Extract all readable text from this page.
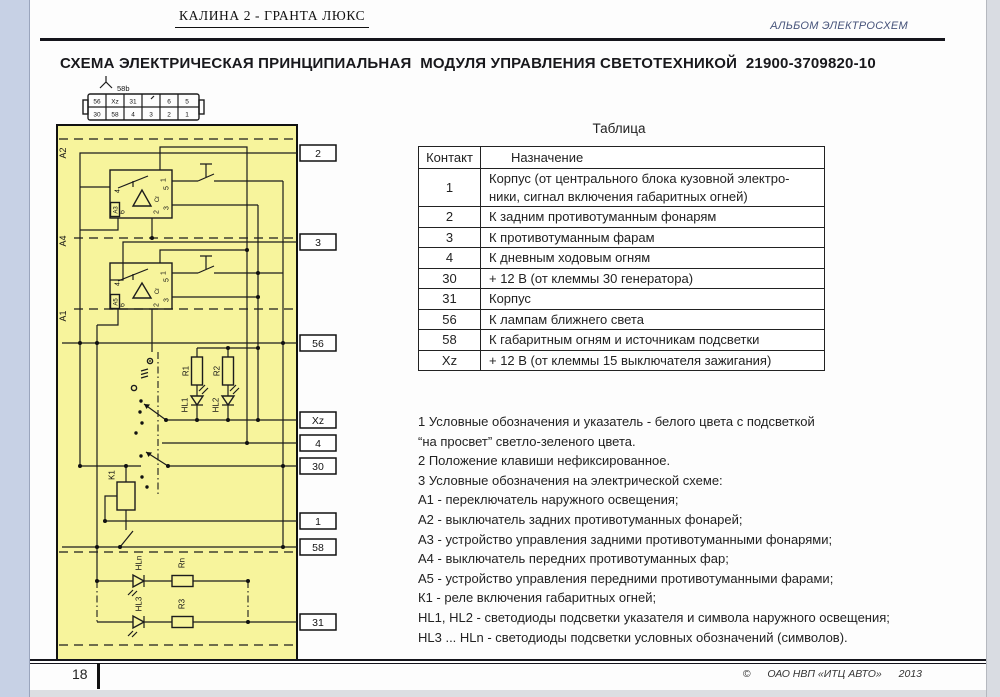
КАЛИНА 2 - ГРАНТА ЛЮКС
АЛЬБОМ ЭЛЕКТРОСХЕМ
СХЕМА ЭЛЕКТРИЧЕСКАЯ ПРИНЦИПИАЛЬНАЯ  МОДУЛЯ УПРАВЛЕНИЯ СВЕТОТЕХНИКОЙ  21900-3709820-10
58b
56 Xz 31	6 5
30 58 4 3 2 1
A2
A4
A1
A3
Cr
4
1
5
3
6	2
A5
Cr
4
1
5
3
6	2
R1
HL1
R2
HL2
K1
HLn	Rn
HL3	R3
2
3
56
Xz
4
30
1
58
31
Таблица
Контакт	Назначение
1	Корпус (от центрального блока кузовной электро-ники, сигнал включения габаритных огней)
2	К задним противотуманным фонарям
3	К противотуманным фарам
4	К дневным ходовым огням
30	+ 12 В (от клеммы 30 генератора)
31	Корпус
56	К лампам ближнего света
58	К габаритным огням и источникам подсветки
Xz	+ 12 В (от клеммы 15 выключателя зажигания)
1 Условные обозначения и указатель - белого цвета с подсветкой
“на просвет” светло-зеленого цвета.
2 Положение клавиши нефиксированное.
3 Условные обозначения на электрической схеме:
А1 - переключатель наружного освещения;
А2 - выключатель задних противотуманных фонарей;
А3 - устройство управления задними противотуманными фонарями;
А4 - выключатель передних противотуманных фар;
А5 - устройство управления передними противотуманными фарами;
К1 - реле включения габаритных огней;
HL1, HL2 - светодиоды подсветки указателя и символа наружного освещения;
HL3 ... HLn - светодиоды подсветки условных обозначений (символов).
18	© ОАО НВП «ИТЦ АВТО» 2013
